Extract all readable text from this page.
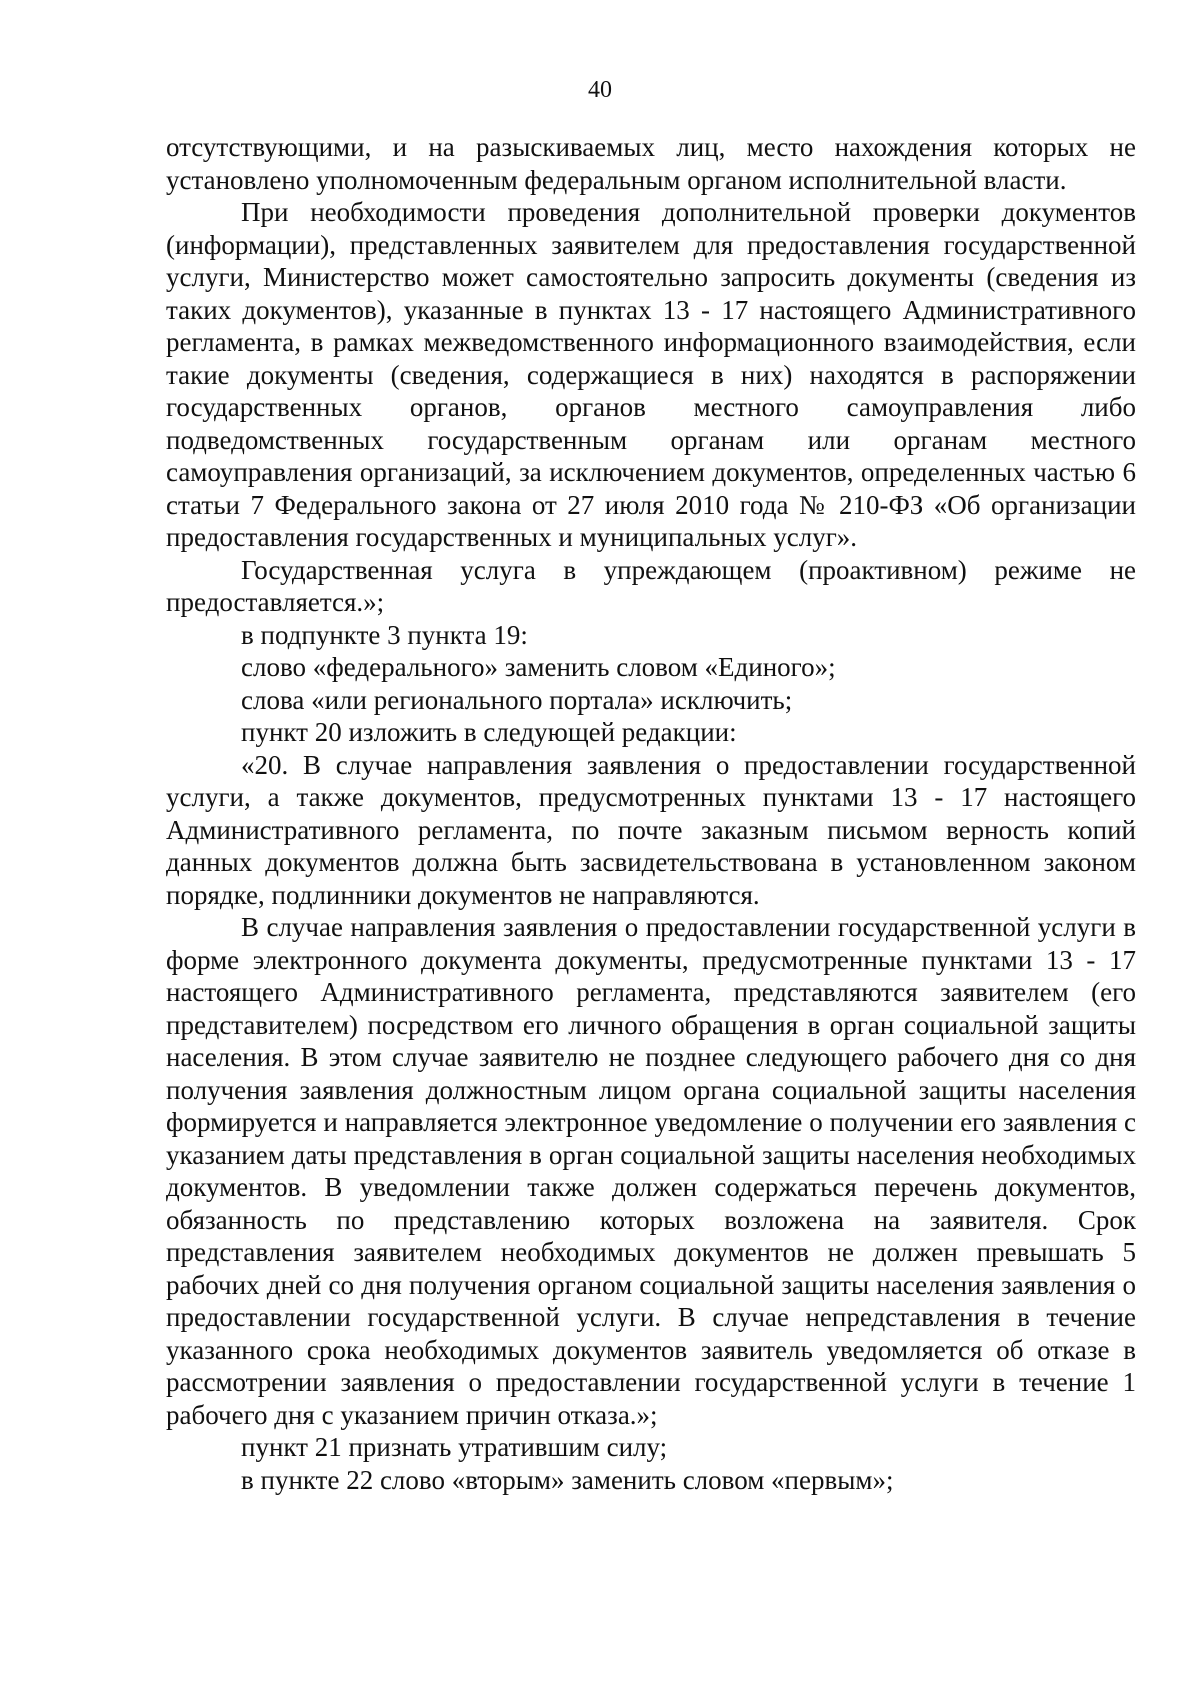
40

отсутствующими, и на разыскиваемых лиц, место нахождения которых не установлено уполномоченным федеральным органом исполнительной власти.

При необходимости проведения дополнительной проверки документов (информации), представленных заявителем для предоставления государственной услуги, Министерство может самостоятельно запросить документы (сведения из таких документов), указанные в пунктах 13 - 17 настоящего Административного регламента, в рамках межведомственного информационного взаимодействия, если такие документы (сведения, содержащиеся в них) находятся в распоряжении государственных органов, органов местного самоуправления либо подведомственных государственным органам или органам местного самоуправления организаций, за исключением документов, определенных частью 6 статьи 7 Федерального закона от 27 июля 2010 года № 210-ФЗ «Об организации предоставления государственных и муниципальных услуг».

Государственная услуга в упреждающем (проактивном) режиме не предоставляется.»;

в подпункте 3 пункта 19:

слово «федерального» заменить словом «Единого»;

слова «или регионального портала» исключить;

пункт 20 изложить в следующей редакции:

«20. В случае направления заявления о предоставлении государственной услуги, а также документов, предусмотренных пунктами 13 - 17 настоящего Административного регламента, по почте заказным письмом верность копий данных документов должна быть засвидетельствована в установленном законом порядке, подлинники документов не направляются.

В случае направления заявления о предоставлении государственной услуги в форме электронного документа документы, предусмотренные пунктами 13 - 17 настоящего Административного регламента, представляются заявителем (его представителем) посредством его личного обращения в орган социальной защиты населения. В этом случае заявителю не позднее следующего рабочего дня со дня получения заявления должностным лицом органа социальной защиты населения формируется и направляется электронное уведомление о получении его заявления с указанием даты представления в орган социальной защиты населения необходимых документов. В уведомлении также должен содержаться перечень документов, обязанность по представлению которых возложена на заявителя. Срок представления заявителем необходимых документов не должен превышать 5 рабочих дней со дня получения органом социальной защиты населения заявления о предоставлении государственной услуги. В случае непредставления в течение указанного срока необходимых документов заявитель уведомляется об отказе в рассмотрении заявления о предоставлении государственной услуги в течение 1 рабочего дня с указанием причин отказа.»;

пункт 21 признать утратившим силу;

в пункте 22 слово «вторым» заменить словом «первым»;
